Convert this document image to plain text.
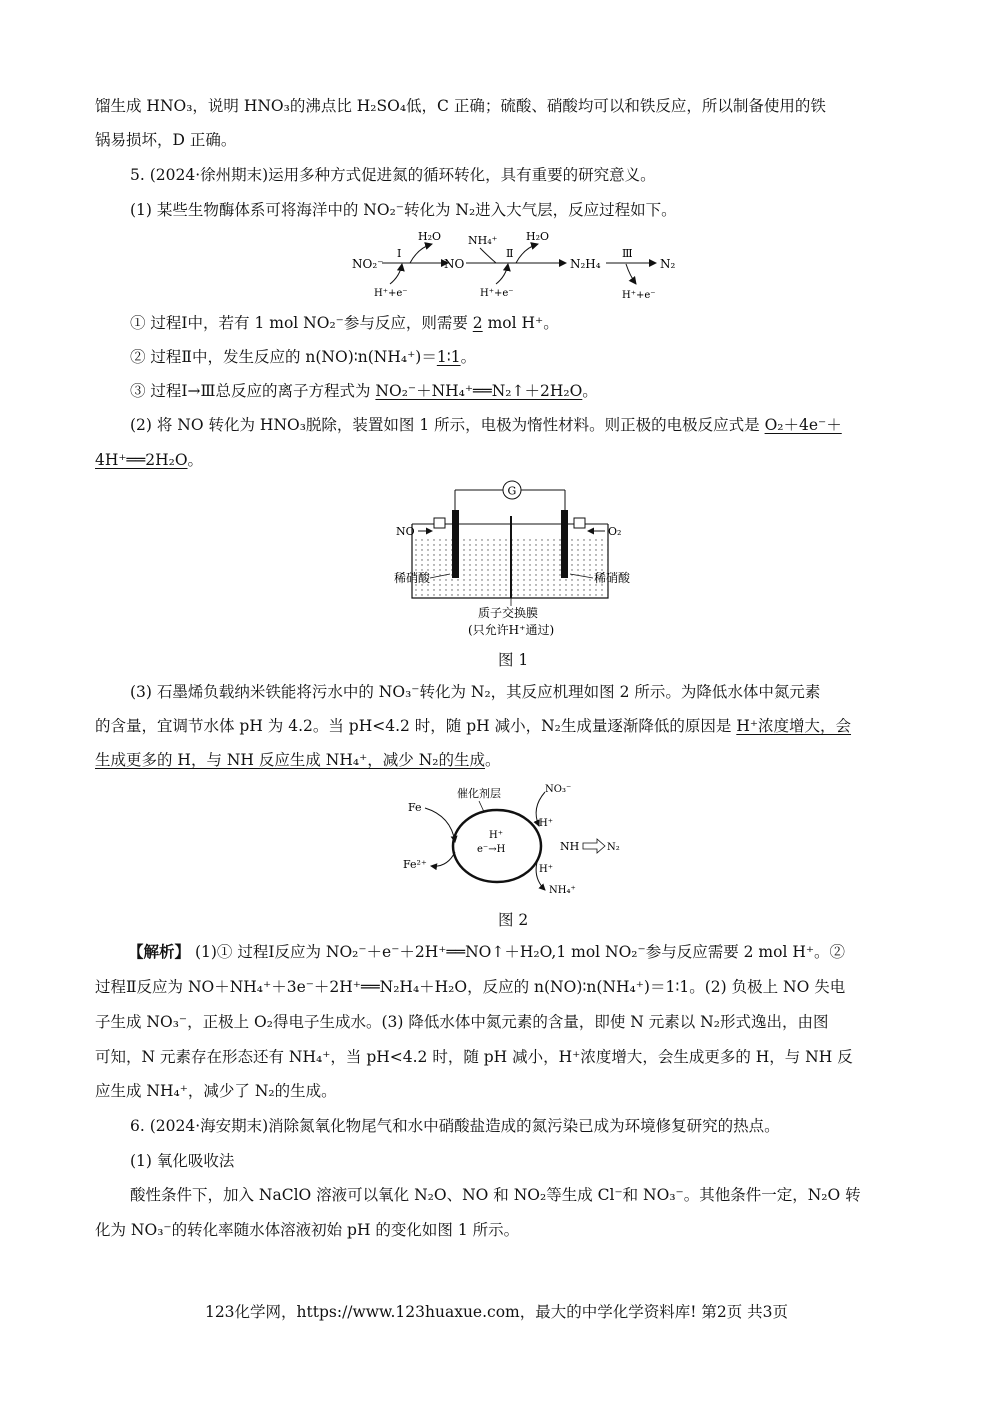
馏生成 HNO₃，说明 HNO₃的沸点比 H₂SO₄低，C 正确；硫酸、硝酸均可以和铁反应，所以制备使用的铁
锅易损坏，D 正确。
5. (2024·徐州期末)运用多种方式促进氮的循环转化，具有重要的研究意义。
(1) 某些生物酶体系可将海洋中的 NO₂⁻转化为 N₂进入大气层，反应过程如下。
NO₂⁻
Ⅰ
H₂O
H⁺+e⁻
NO
NH₄⁺
Ⅱ
H₂O
H⁺+e⁻
N₂H₄
Ⅲ
H⁺+e⁻
N₂
① 过程Ⅰ中，若有 1 mol NO₂⁻参与反应，则需要 2 mol H⁺。
② 过程Ⅱ中，发生反应的 n(NO)∶n(NH₄⁺)＝1∶1。
③ 过程Ⅰ→Ⅲ总反应的离子方程式为 NO₂⁻＋NH₄⁺══N₂↑＋2H₂O。
(2) 将 NO 转化为 HNO₃脱除，装置如图 1 所示，电极为惰性材料。则正极的电极反应式是 O₂＋4e⁻＋
4H⁺══2H₂O。
G
NO	O₂
稀硝酸	稀硝酸
质子交换膜
(只允许H⁺通过)
图 1
(3) 石墨烯负载纳米铁能将污水中的 NO₃⁻转化为 N₂，其反应机理如图 2 所示。为降低水体中氮元素
的含量，宜调节水体 pH 为 4.2。当 pH<4.2 时，随 pH 减小，N₂生成量逐渐降低的原因是 H⁺浓度增大，会
生成更多的 H，与 NH 反应生成 NH₄⁺，减少 N₂的生成。
催化剂层
H⁺
e⁻→H
Fe
Fe²⁺
NO₃⁻
H⁺
NH	N₂
H⁺
NH₄⁺
图 2
【解析】 (1)① 过程Ⅰ反应为 NO₂⁻＋e⁻＋2H⁺══NO↑＋H₂O,1 mol NO₂⁻参与反应需要 2 mol H⁺。②
过程Ⅱ反应为 NO＋NH₄⁺＋3e⁻＋2H⁺══N₂H₄＋H₂O，反应的 n(NO)∶n(NH₄⁺)＝1∶1。(2) 负极上 NO 失电
子生成 NO₃⁻，正极上 O₂得电子生成水。(3) 降低水体中氮元素的含量，即使 N 元素以 N₂形式逸出，由图
可知，N 元素存在形态还有 NH₄⁺，当 pH<4.2 时，随 pH 减小，H⁺浓度增大，会生成更多的 H，与 NH 反
应生成 NH₄⁺，减少了 N₂的生成。
6. (2024·海安期末)消除氮氧化物尾气和水中硝酸盐造成的氮污染已成为环境修复研究的热点。
(1) 氧化吸收法
酸性条件下，加入 NaClO 溶液可以氧化 N₂O、NO 和 NO₂等生成 Cl⁻和 NO₃⁻。其他条件一定，N₂O 转
化为 NO₃⁻的转化率随水体溶液初始 pH 的变化如图 1 所示。
123化学网，https://www.123huaxue.com，最大的中学化学资料库! 第2页 共3页
